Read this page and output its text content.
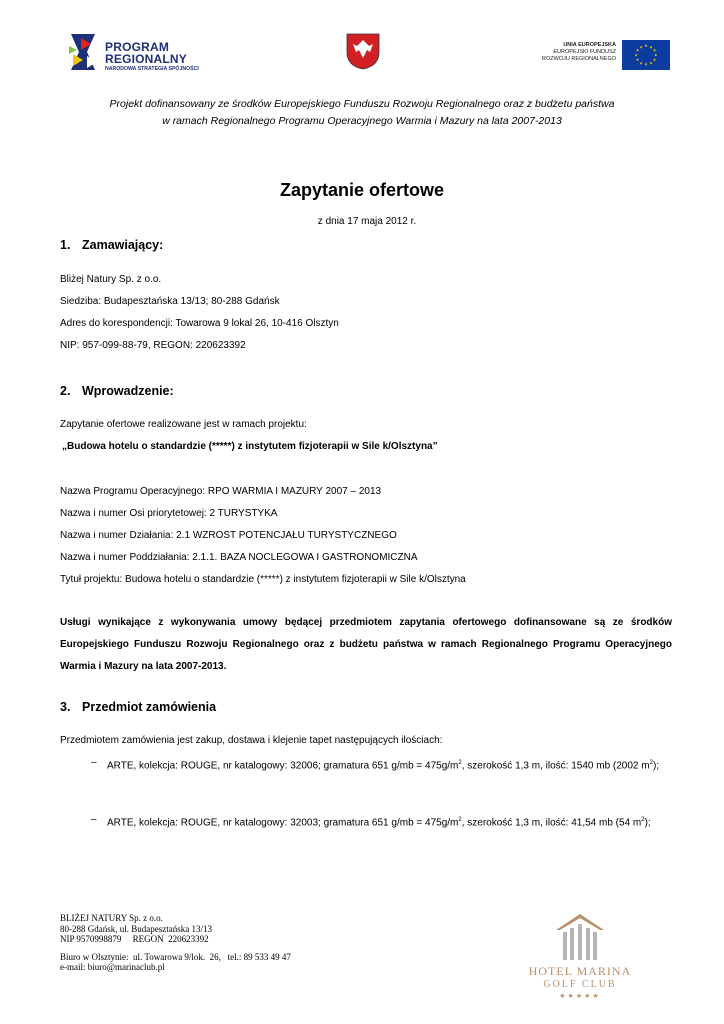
PROGRAM
REGIONALNY
NARODOWA STRATEGIA SPÓJNOŚCI
UNIA EUROPEJSKA
EUROPEJSKI FUNDUSZ
ROZWOJU REGIONALNEGO
★ ★
★
★
★
★
★
★
★
★
★
★
Projekt dofinansowany ze środków Europejskiego Funduszu Rozwoju Regionalnego oraz z budżetu państwa
w ramach Regionalnego Programu Operacyjnego Warmia i Mazury na lata 2007-2013
Zapytanie ofertowe
z dnia 17 maja 2012 r.
1. Zamawiający:
Bliżej Natury Sp. z o.o.
Siedziba: Budapesztańska 13/13; 80-288 Gdańsk
Adres do korespondencji: Towarowa 9 lokal 26, 10-416 Olsztyn
NIP: 957-099-88-79, REGON: 220623392
2. Wprowadzenie:
Zapytanie ofertowe realizowane jest w ramach projektu:
„Budowa hotelu o standardzie (*****) z instytutem fizjoterapii w Sile k/Olsztyna”
Nazwa Programu Operacyjnego: RPO WARMIA I MAZURY 2007 – 2013
Nazwa i numer Osi priorytetowej: 2 TURYSTYKA
Nazwa i numer Działania: 2.1 WZROST POTENCJAŁU TURYSTYCZNEGO
Nazwa i numer Poddziałania: 2.1.1. BAZA NOCLEGOWA I GASTRONOMICZNA
Tytuł projektu: Budowa hotelu o standardzie (*****) z instytutem fizjoterapii w Sile k/Olsztyna
Usługi wynikające z wykonywania umowy będącej przedmiotem zapytania ofertowego dofinansowane są ze środków Europejskiego Funduszu Rozwoju Regionalnego oraz z budżetu państwa w ramach Regionalnego Programu Operacyjnego Warmia i Mazury na lata 2007-2013.
3. Przedmiot zamówienia
Przedmiotem zamówienia jest zakup, dostawa i klejenie tapet następujących ilościach:
– ARTE, kolekcja: ROUGE, nr katalogowy: 32006; gramatura 651 $g/mb = 475g/m^2$, szerokość 1,3 m, ilość: 1540 mb (2002 $m^2$);
– ARTE, kolekcja: ROUGE, nr katalogowy: 32003; gramatura 651 $g/mb = 475g/m^2$, szerokość 1,3 m, ilość: 41,54 mb (54 $m^2$);
BLIŻEJ NATURY Sp. z o.o.
80-288 Gdańsk, ul. Budapesztańska 13/13
NIP 9570998879     REGON  220623392
Biuro w Olsztynie:  ul. Towarowa 9/lok.  26,   tel.: 89 533 49 47
e-mail: biuro@marinaclub.pl	HOTEL MARINA
GOLF CLUB
★★★★★
